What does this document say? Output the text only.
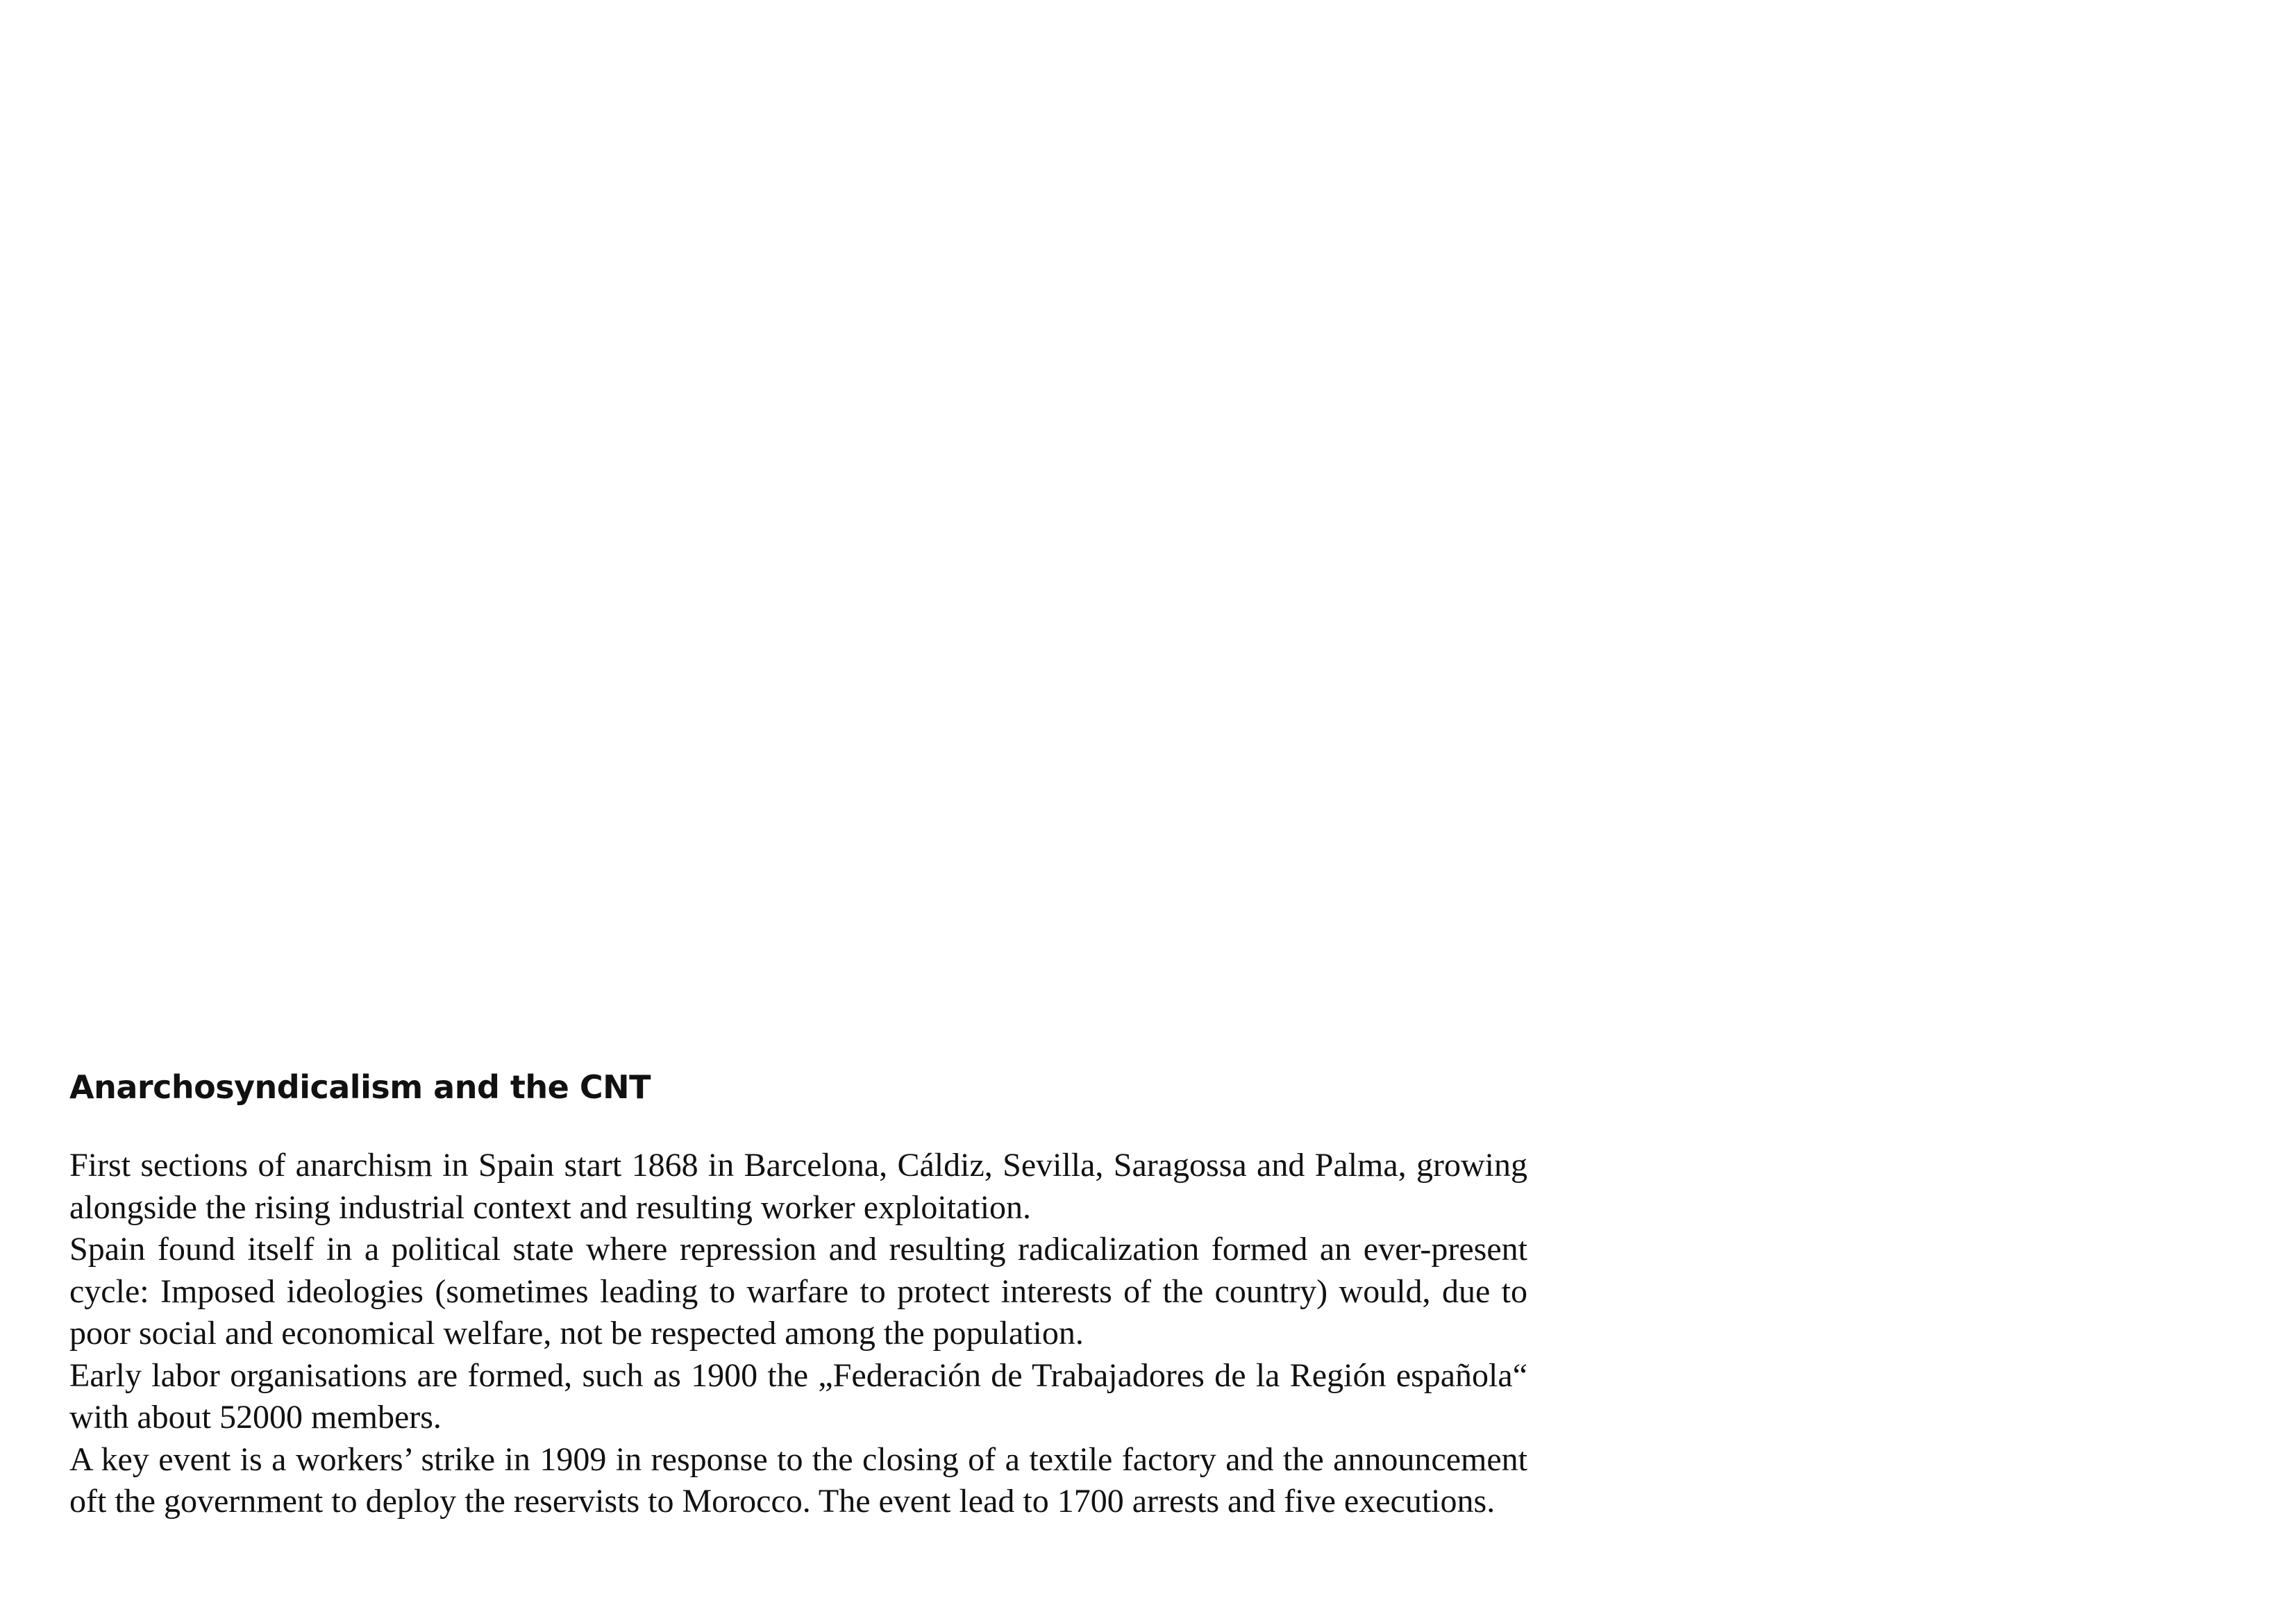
Anarchosyndicalism and the CNT

First sections of anarchism in Spain start 1868 in Barcelona, Cáldiz, Sevilla, Saragossa and Palma, growing alongside the rising industrial context and resulting worker exploitation.

Spain found itself in a political state where repression and resulting radicalization formed an ever-present cycle: Imposed ideologies (sometimes leading to warfare to protect interests of the country) would, due to poor social and economical welfare, not be respected among the population.

Early labor organisations are formed, such as 1900 the „Federación de Trabajadores de la Región española“ with about 52000 members.

A key event is a workers’ strike in 1909 in response to the closing of a textile factory and the announcement oft the government to deploy the reservists to Morocco. The event lead to 1700 arrests and five executions.
